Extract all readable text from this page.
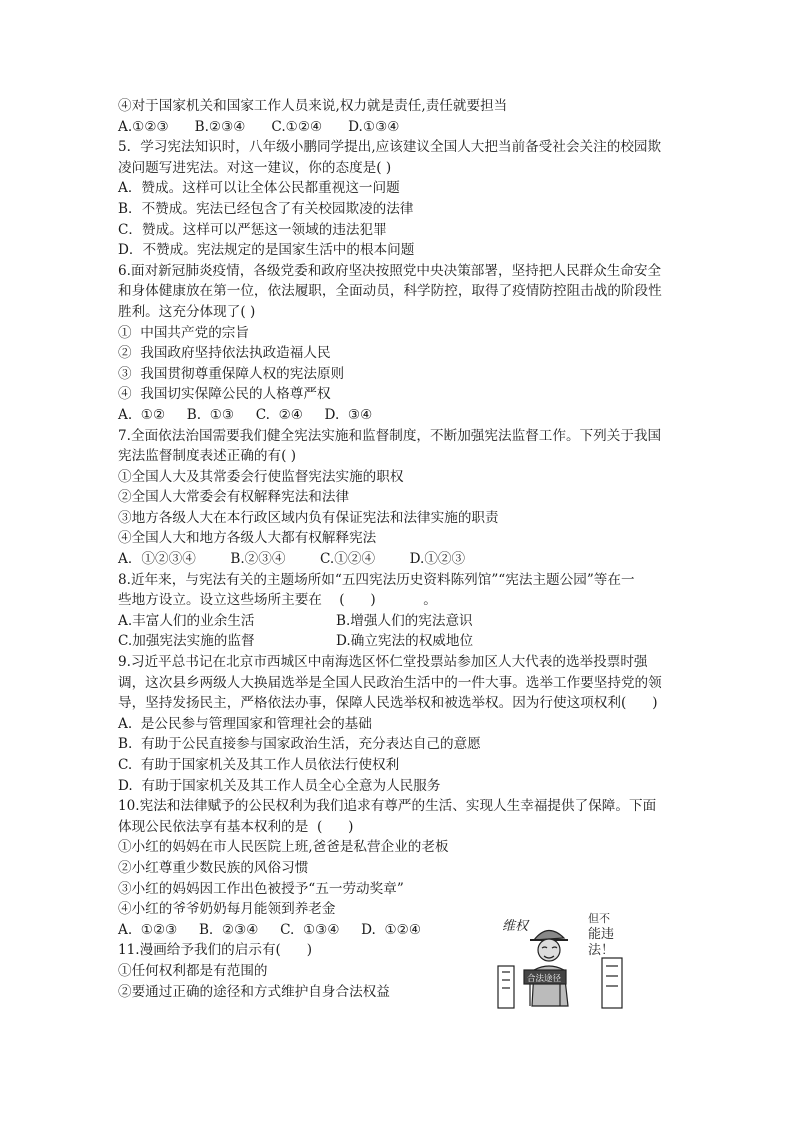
④对于国家机关和国家工作人员来说,权力就是责任,责任就要担当
A.①②③      B.②③④      C.①②④      D.①③④
5．学习宪法知识时，八年级小鹏同学提出,应该建议全国人大把当前备受社会关注的校园欺
凌问题写进宪法。对这一建议，你的态度是( )
A．赞成。这样可以让全体公民都重视这一问题
B．不赞成。宪法已经包含了有关校园欺凌的法律
C．赞成。这样可以严惩这一领域的违法犯罪
D．不赞成。宪法规定的是国家生活中的根本问题
6.面对新冠肺炎疫情，各级党委和政府坚决按照党中央决策部署，坚持把人民群众生命安全
和身体健康放在第一位，依法履职，全面动员，科学防控，取得了疫情防控阻击战的阶段性
胜利。这充分体现了( )
①  中国共产党的宗旨
②  我国政府坚持依法执政造福人民
③  我国贯彻尊重保障人权的宪法原则
④  我国切实保障公民的人格尊严权
A.  ①②     B.  ①③     C.  ②④     D.  ③④
7.全面依法治国需要我们健全宪法实施和监督制度，不断加强宪法监督工作。下列关于我国
宪法监督制度表述正确的有( )
①全国人大及其常委会行使监督宪法实施的职权
②全国人大常委会有权解释宪法和法律
③地方各级人大在本行政区域内负有保证宪法和法律实施的职责
④全国人大和地方各级人大都有权解释宪法
A．①②③④        B.②③④        C.①②④        D.①②③
8.近年来，与宪法有关的主题场所如“五四宪法历史资料陈列馆”“宪法主题公园”等在一
些地方设立。设立这些场所主要在    (      )           。
A.丰富人们的业余生活	B.增强人们的宪法意识
C.加强宪法实施的监督	D.确立宪法的权威地位
9.习近平总书记在北京市西城区中南海选区怀仁堂投票站参加区人大代表的选举投票时强
调，这次县乡两级人大换届选举是全国人民政治生活中的一件大事。选举工作要坚持党的领
导，坚持发扬民主，严格依法办事，保障人民选举权和被选举权。因为行使这项权利(      )
A.  是公民参与管理国家和管理社会的基础
B.  有助于公民直接参与国家政治生活，充分表达自己的意愿
C.  有助于国家机关及其工作人员依法行使权利
D.  有助于国家机关及其工作人员全心全意为人民服务
10.宪法和法律赋予的公民权利为我们追求有尊严的生活、实现人生幸福提供了保障。下面
体现公民依法享有基本权利的是  (      )
①小红的妈妈在市人民医院上班,爸爸是私营企业的老板
②小红尊重少数民族的风俗习惯
③小红的妈妈因工作出色被授予“五一劳动奖章”
④小红的爷爷奶奶每月能领到养老金
A.  ①②③     B.  ②③④     C.  ①③④     D.  ①②④
11.漫画给予我们的启示有(      )
①任何权利都是有范围的
②要通过正确的途径和方式维护自身合法权益
维权
但不
能违
法！
合法途径
